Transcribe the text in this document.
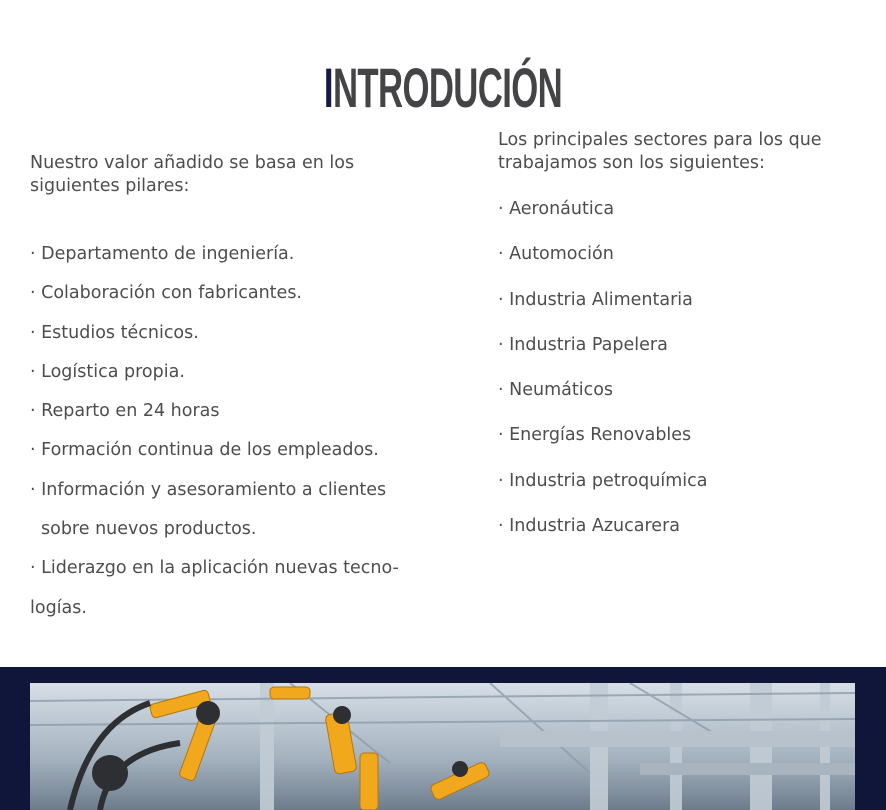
INTRODUCIÓN

Nuestro valor añadido se basa en los siguientes pilares:

· Departamento de ingeniería.
· Colaboración con fabricantes.
· Estudios técnicos.
· Logística propia.
· Reparto en 24 horas
· Formación continua de los empleados.
· Información y asesoramiento a clientes
sobre nuevos productos.
· Liderazgo en la aplicación nuevas tecno-
logías.

Los principales sectores para los que trabajamos son los siguientes:

· Aeronáutica
· Automoción
· Industria Alimentaria
· Industria Papelera
· Neumáticos
· Energías Renovables
· Industria petroquímica
· Industria Azucarera
